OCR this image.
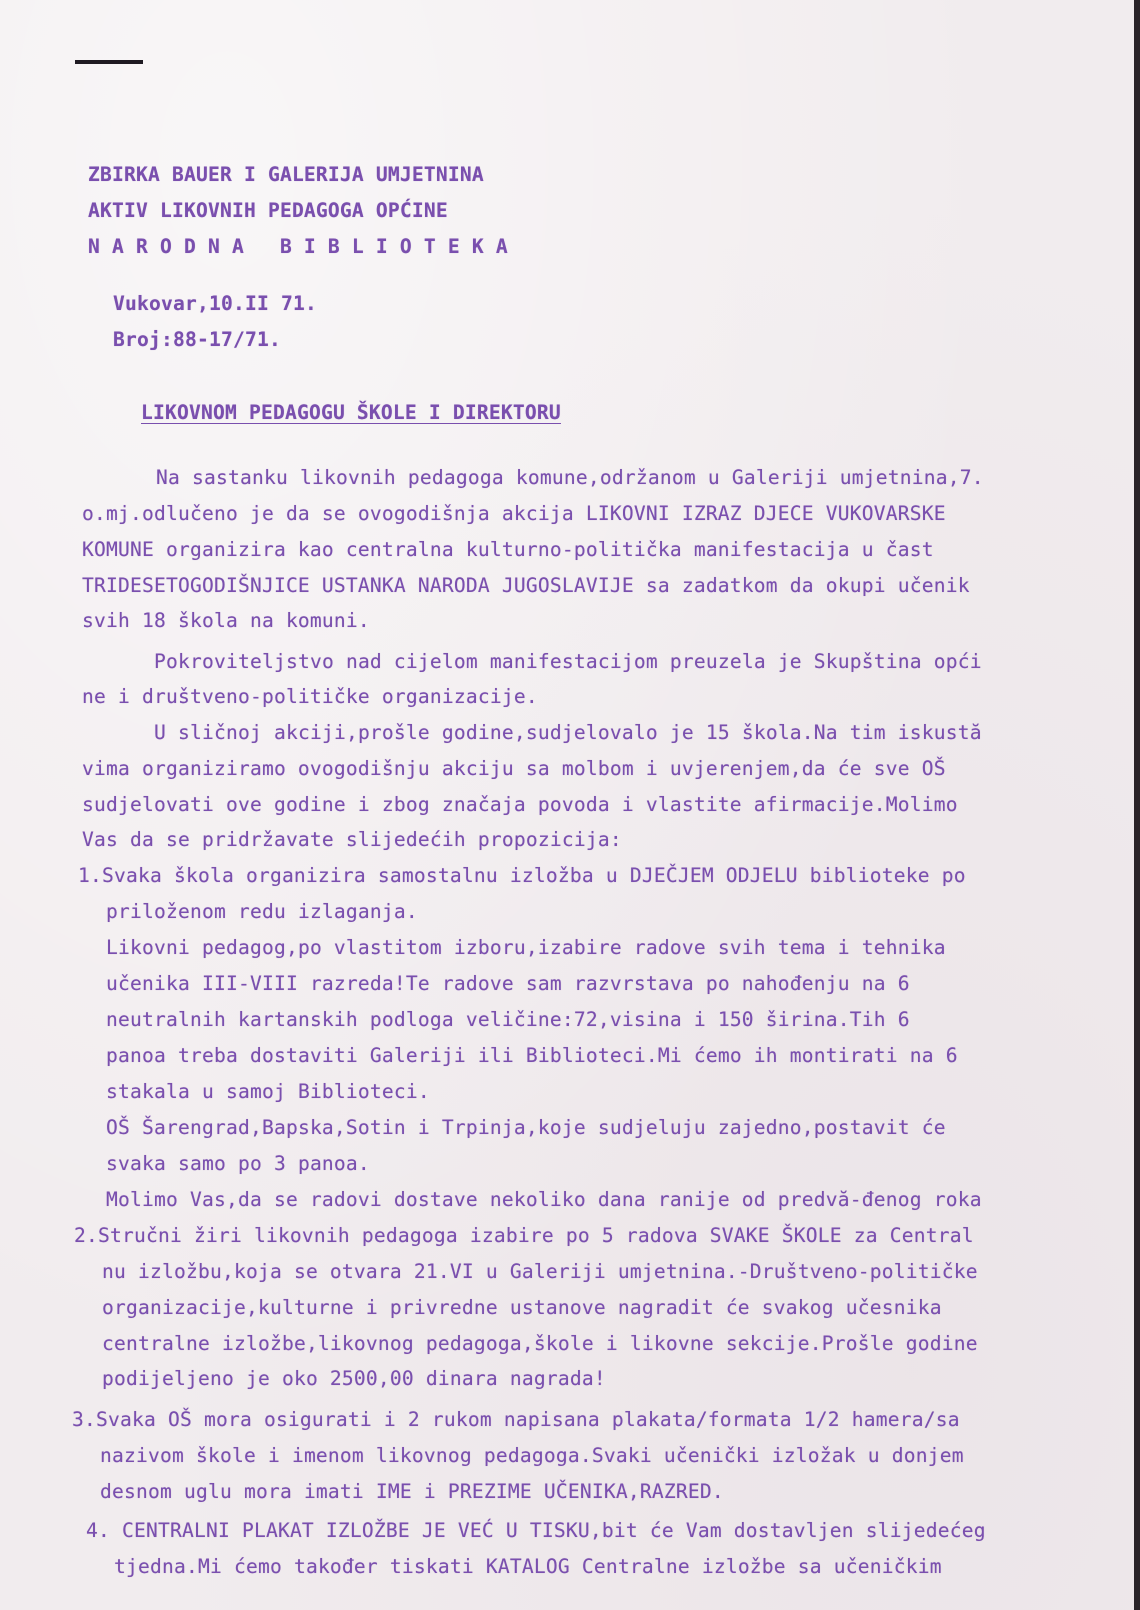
ZBIRKA BAUER I GALERIJA UMJETNINA
AKTIV LIKOVNIH PEDAGOGA OPĆINE
N A R O D N A   B I B L I O T E K A
Vukovar,10.II 71.
Broj:88-17/71.
LIKOVNOM PEDAGOGU ŠKOLE I DIREKTORU
Na sastanku likovnih pedagoga komune,održanom u Galeriji umjetnina,7.
o.mj.odlučeno je da se ovogodišnja akcija LIKOVNI IZRAZ DJECE VUKOVARSKE
KOMUNE organizira kao centralna kulturno-politička manifestacija u čast
TRIDESETOGODIŠNJICE USTANKA NARODA JUGOSLAVIJE sa zadatkom da okupi učenik
svih 18 škola na komuni.
Pokroviteljstvo nad cijelom manifestacijom preuzela je Skupština opći
ne i društveno-političke organizacije.
U sličnoj akciji,prošle godine,sudjelovalo je 15 škola.Na tim iskustă
vima organiziramo ovogodišnju akciju sa molbom i uvjerenjem,da će sve OŠ
sudjelovati ove godine i zbog značaja povoda i vlastite afirmacije.Molimo
Vas da se pridržavate slijedećih propozicija:
1.Svaka škola organizira samostalnu izložba u DJEČJEM ODJELU biblioteke po
priloženom redu izlaganja.
Likovni pedagog,po vlastitom izboru,izabire radove svih tema i tehnika
učenika III-VIII razreda!Te radove sam razvrstava po nahođenju na 6
neutralnih kartanskih podloga veličine:72,visina i 150 širina.Tih 6
panoa treba dostaviti Galeriji ili Biblioteci.Mi ćemo ih montirati na 6
stakala u samoj Biblioteci.
OŠ Šarengrad,Bapska,Sotin i Trpinja,koje sudjeluju zajedno,postavit će
svaka samo po 3 panoa.
Molimo Vas,da se radovi dostave nekoliko dana ranije od predvă-đenog roka
2.Stručni žiri likovnih pedagoga izabire po 5 radova SVAKE ŠKOLE za Central
nu izložbu,koja se otvara 21.VI u Galeriji umjetnina.-Društveno-političke
organizacije,kulturne i privredne ustanove nagradit će svakog učesnika
centralne izložbe,likovnog pedagoga,škole i likovne sekcije.Prošle godine
podijeljeno je oko 2500,00 dinara nagrada!
3.Svaka OŠ mora osigurati i 2 rukom napisana plakata/formata 1/2 hamera/sa
nazivom škole i imenom likovnog pedagoga.Svaki učenički izložak u donjem
desnom uglu mora imati IME i PREZIME UČENIKA,RAZRED.
4. CENTRALNI PLAKAT IZLOŽBE JE VEĆ U TISKU,bit će Vam dostavljen slijedećeg
tjedna.Mi ćemo također tiskati KATALOG Centralne izložbe sa učeničkim
